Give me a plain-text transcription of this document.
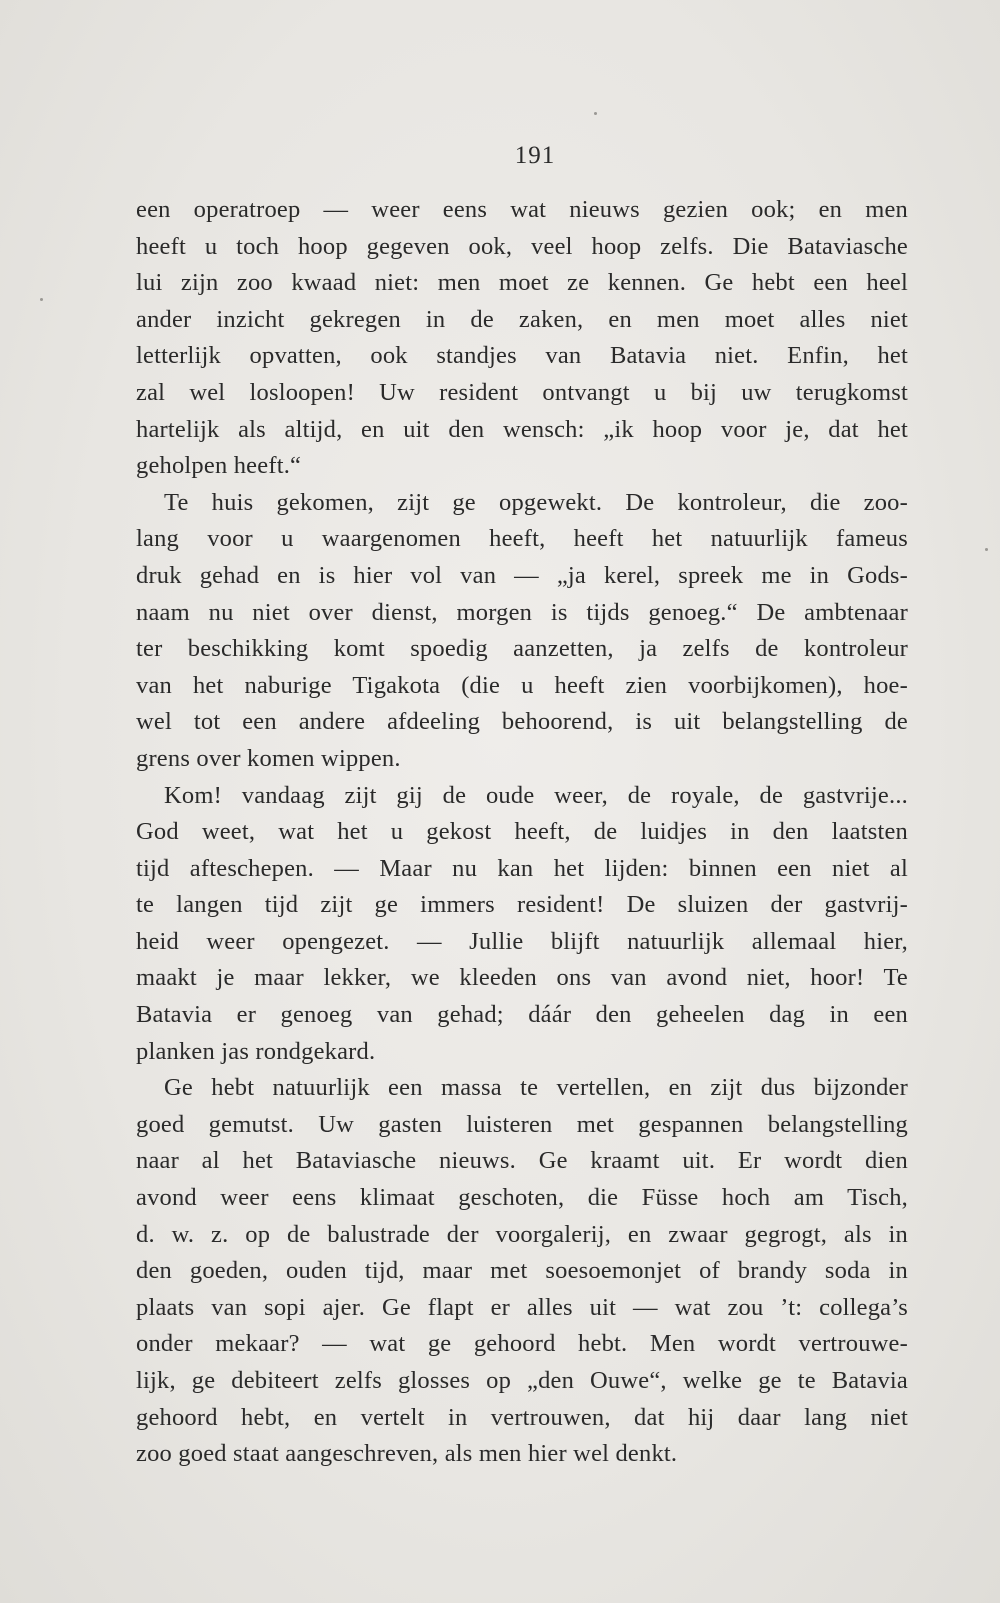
191
een operatroep — weer eens wat nieuws gezien ook; en men
heeft u toch hoop gegeven ook, veel hoop zelfs. Die Bataviasche
lui zijn zoo kwaad niet: men moet ze kennen. Ge hebt een heel
ander inzicht gekregen in de zaken, en men moet alles niet
letterlijk opvatten, ook standjes van Batavia niet. Enfin, het
zal wel losloopen! Uw resident ontvangt u bij uw terugkomst
hartelijk als altijd, en uit den wensch: „ik hoop voor je, dat het
geholpen heeft.“
Te huis gekomen, zijt ge opgewekt. De kontroleur, die zoo-
lang voor u waargenomen heeft, heeft het natuurlijk fameus
druk gehad en is hier vol van — „ja kerel, spreek me in Gods-
naam nu niet over dienst, morgen is tijds genoeg.“ De ambtenaar
ter beschikking komt spoedig aanzetten, ja zelfs de kontroleur
van het naburige Tigakota (die u heeft zien voorbijkomen), hoe-
wel tot een andere afdeeling behoorend, is uit belangstelling de
grens over komen wippen.
Kom! vandaag zijt gij de oude weer, de royale, de gastvrije...
God weet, wat het u gekost heeft, de luidjes in den laatsten
tijd afteschepen. — Maar nu kan het lijden: binnen een niet al
te langen tijd zijt ge immers resident! De sluizen der gastvrij-
heid weer opengezet. — Jullie blijft natuurlijk allemaal hier,
maakt je maar lekker, we kleeden ons van avond niet, hoor! Te
Batavia er genoeg van gehad; dáár den geheelen dag in een
planken jas rondgekard.
Ge hebt natuurlijk een massa te vertellen, en zijt dus bijzonder
goed gemutst. Uw gasten luisteren met gespannen belangstelling
naar al het Bataviasche nieuws. Ge kraamt uit. Er wordt dien
avond weer eens klimaat geschoten, die Füsse hoch am Tisch,
d. w. z. op de balustrade der voorgalerij, en zwaar gegrogt, als in
den goeden, ouden tijd, maar met soesoemonjet of brandy soda in
plaats van sopi ajer. Ge flapt er alles uit — wat zou ’t: collega’s
onder mekaar? — wat ge gehoord hebt. Men wordt vertrouwe-
lijk, ge debiteert zelfs glosses op „den Ouwe“, welke ge te Batavia
gehoord hebt, en vertelt in vertrouwen, dat hij daar lang niet
zoo goed staat aangeschreven, als men hier wel denkt.
